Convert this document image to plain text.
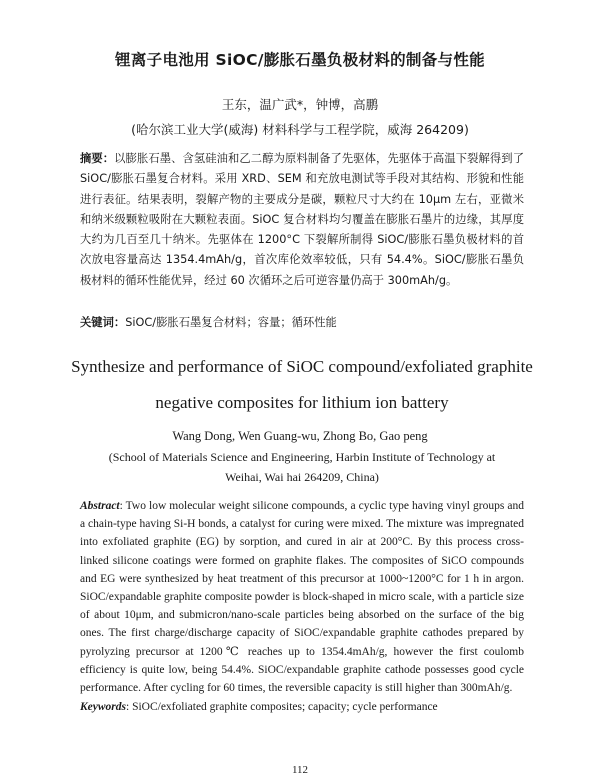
锂离子电池用 SiOC/膨胀石墨负极材料的制备与性能
王东，温广武*，钟博，高鹏
(哈尔滨工业大学(威海) 材料科学与工程学院，威海 264209)
摘要：以膨胀石墨、含氢硅油和乙二醇为原料制备了先驱体，先驱体于高温下裂解得到了 SiOC/膨胀石墨复合材料。采用 XRD、SEM 和充放电测试等手段对其结构、形貌和性能进行表征。结果表明，裂解产物的主要成分是碳，颗粒尺寸大约在 10μm 左右，亚微米和纳米级颗粒吸附在大颗粒表面。SiOC 复合材料均匀覆盖在膨胀石墨片的边缘，其厚度大约为几百至几十纳米。先驱体在 1200°C 下裂解所制得 SiOC/膨胀石墨负极材料的首次放电容量高达 1354.4mAh/g，首次库伦效率较低，只有 54.4%。SiOC/膨胀石墨负极材料的循环性能优异，经过 60 次循环之后可逆容量仍高于 300mAh/g。
关键词：SiOC/膨胀石墨复合材料；容量；循环性能
Synthesize and performance of SiOC compound/exfoliated graphite negative composites for lithium ion battery
Wang Dong, Wen Guang-wu, Zhong Bo, Gao peng
(School of Materials Science and Engineering, Harbin Institute of Technology at Weihai, Wai hai 264209, China)
Abstract: Two low molecular weight silicone compounds, a cyclic type having vinyl groups and a chain-type having Si-H bonds, a catalyst for curing were mixed. The mixture was impregnated into exfoliated graphite (EG) by sorption, and cured in air at 200°C. By this process cross-linked silicone coatings were formed on graphite flakes. The composites of SiCO compounds and EG were synthesized by heat treatment of this precursor at 1000~1200°C for 1 h in argon. SiOC/expandable graphite composite powder is block-shaped in micro scale, with a particle size of about 10μm, and submicron/nano-scale particles being absorbed on the surface of the big ones. The first charge/discharge capacity of SiOC/expandable graphite cathodes prepared by pyrolyzing precursor at 1200℃ reaches up to 1354.4mAh/g, however the first coulomb efficiency is quite low, being 54.4%. SiOC/expandable graphite cathode possesses good cycle performance. After cycling for 60 times, the reversible capacity is still higher than 300mAh/g.
Keywords: SiOC/exfoliated graphite composites; capacity; cycle performance
112
